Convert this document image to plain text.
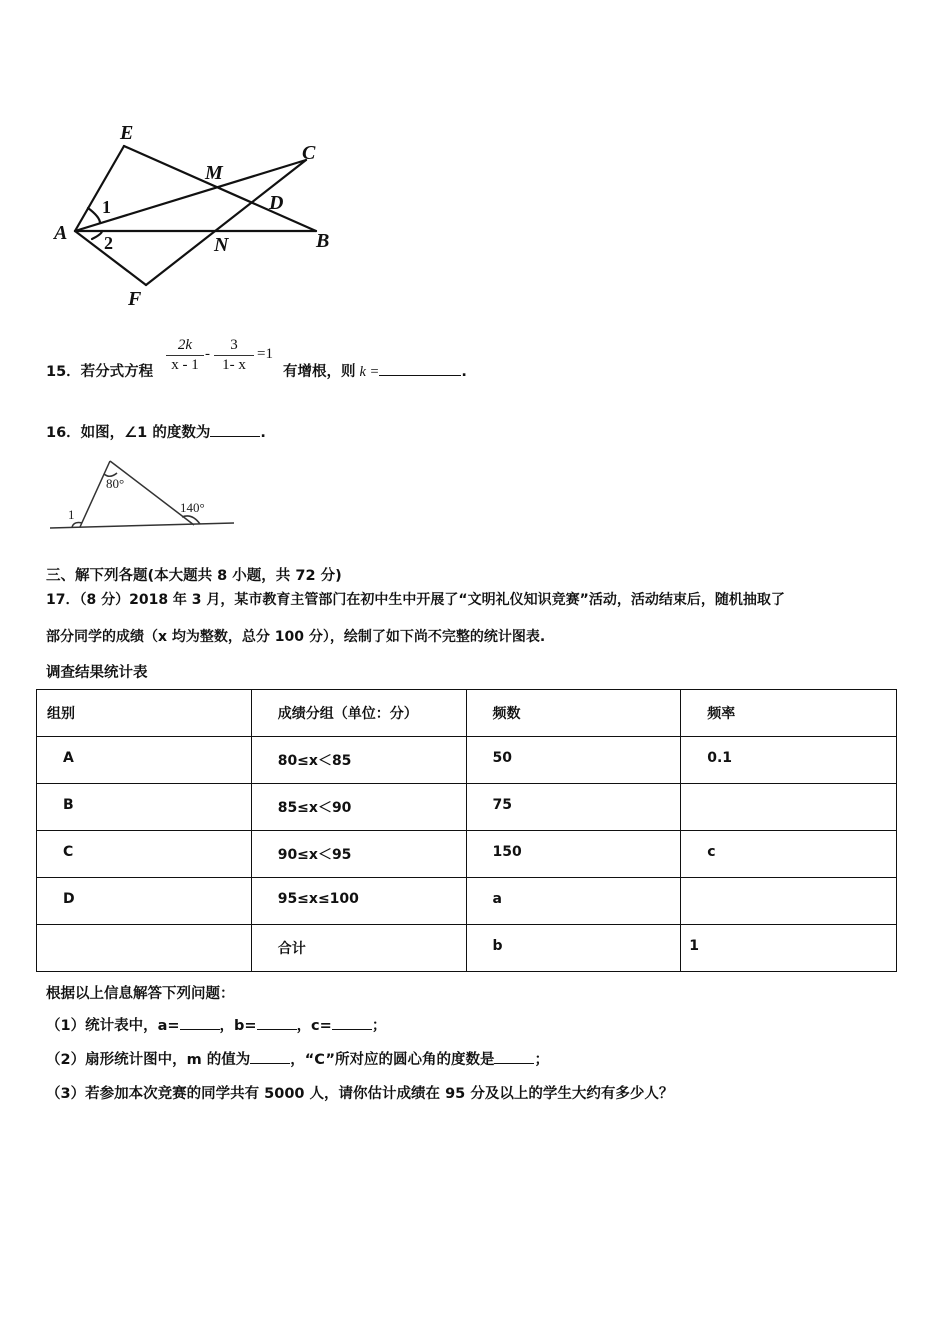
E
C
M
D
A	B
N
F
1
2
15．若分式方程
2k
x - 1
-
3
1- x
=1
有增根，则 k =	.
16．如图，∠1 的度数为	.
80°
140°
1
三、解下列各题(本大题共 8 小题，共 72 分)
17．（8 分）2018 年 3 月，某市教育主管部门在初中生中开展了“文明礼仪知识竞赛”活动，活动结束后，随机抽取了
部分同学的成绩（x 均为整数，总分 100 分），绘制了如下尚不完整的统计图表.
调查结果统计表
组别	成绩分组（单位：分）	频数	频率
A	80≤x＜85	50	0.1
B	85≤x＜90	75	
C	90≤x＜95	150	c
D	95≤x≤100	a	
	合计	b	1
根据以上信息解答下列问题：
（1）统计表中，a=	，b=	，c=	；
（2）扇形统计图中，m 的值为	，“C”所对应的圆心角的度数是	；
（3）若参加本次竞赛的同学共有 5000 人，请你估计成绩在 95 分及以上的学生大约有多少人？
